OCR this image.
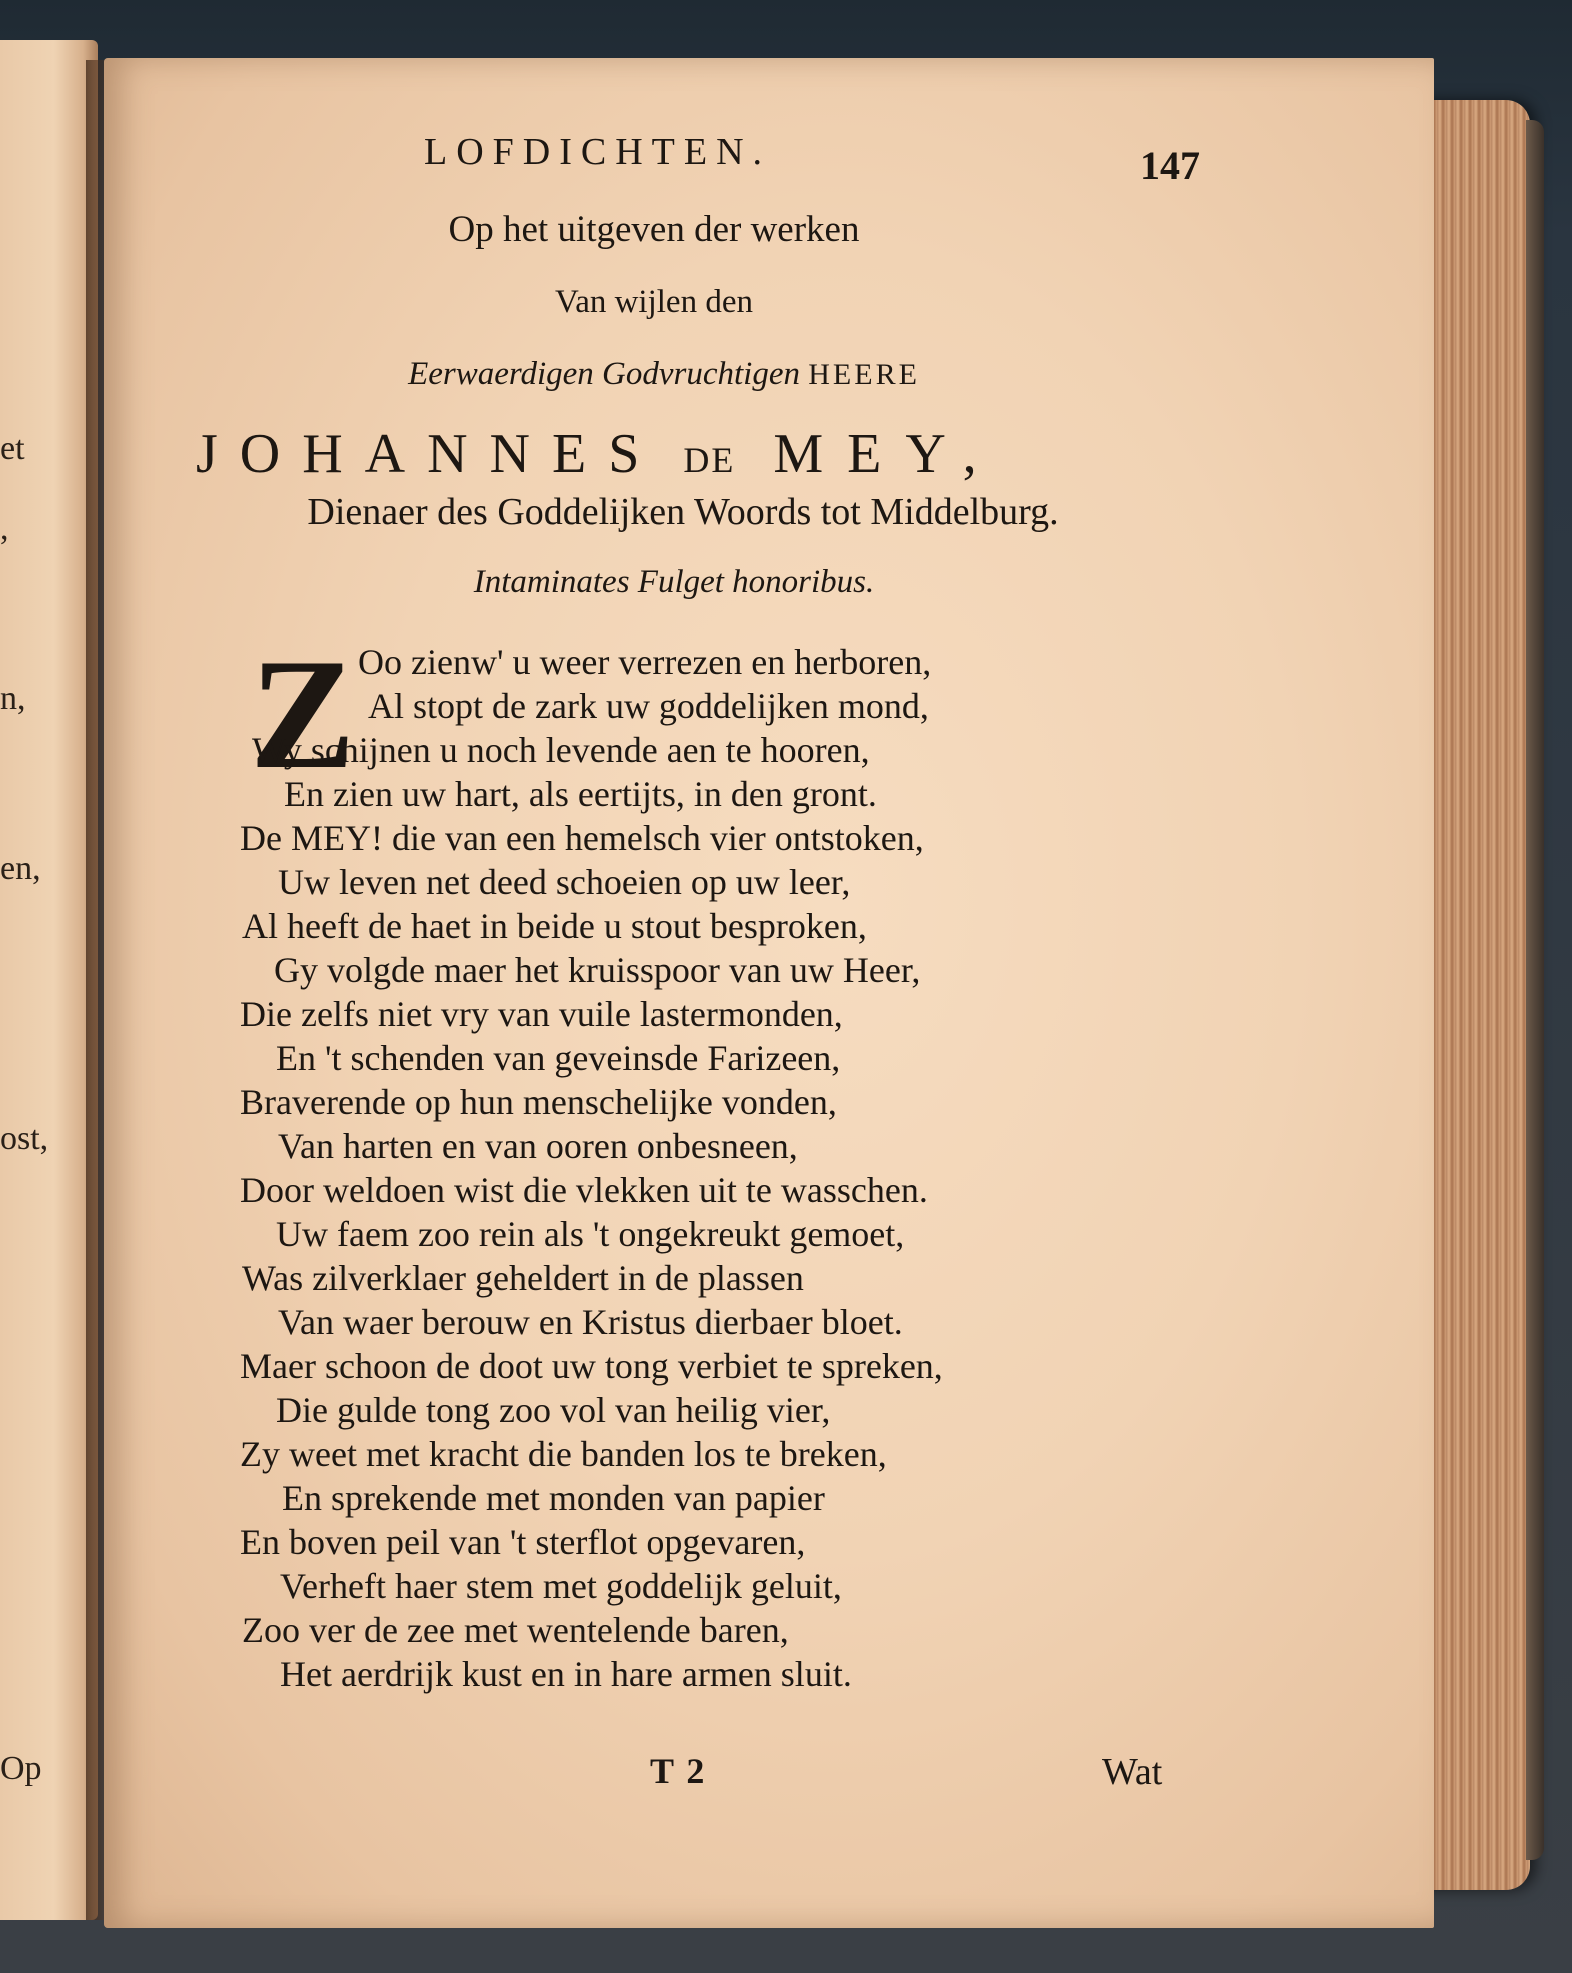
et
,
n,
en,
ost,
Op
LOFDICHTEN.	147
Op het uitgeven der werken
Van wijlen den
Eerwaerdigen Godvruchtigen HEERE
JOHANNES DE MEY,
Dienaer des Goddelijken Woords tot Middelburg.
Intaminates Fulget honoribus.
Z Oo zienw' u weer verrezen en herboren,
Al stopt de zark uw goddelijken mond,
Wy schijnen u noch levende aen te hooren,
En zien uw hart, als eertijts, in den gront.
De MEY! die van een hemelsch vier ontstoken,
Uw leven net deed schoeien op uw leer,
Al heeft de haet in beide u stout besproken,
Gy volgde maer het kruisspoor van uw Heer,
Die zelfs niet vry van vuile lastermonden,
En 't schenden van geveinsde Farizeen,
Braverende op hun menschelijke vonden,
Van harten en van ooren onbesneen,
Door weldoen wist die vlekken uit te wasschen.
Uw faem zoo rein als 't ongekreukt gemoet,
Was zilverklaer geheldert in de plassen
Van waer berouw en Kristus dierbaer bloet.
Maer schoon de doot uw tong verbiet te spreken,
Die gulde tong zoo vol van heilig vier,
Zy weet met kracht die banden los te breken,
En sprekende met monden van papier
En boven peil van 't sterflot opgevaren,
Verheft haer stem met goddelijk geluit,
Zoo ver de zee met wentelende baren,
Het aerdrijk kust en in hare armen sluit.
T 2	Wat
